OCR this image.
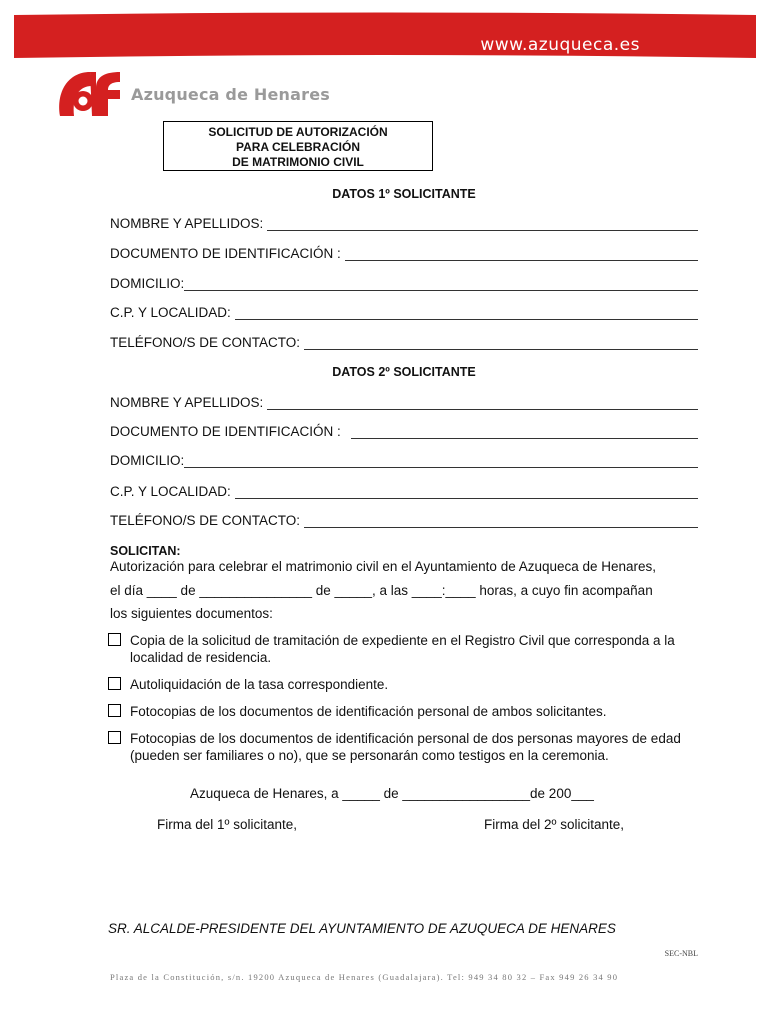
www.azuqueca.es
Azuqueca de Henares
SOLICITUD DE AUTORIZACIÓN
PARA CELEBRACIÓN
DE MATRIMONIO CIVIL
DATOS 1º SOLICITANTE
NOMBRE Y APELLIDOS:
DOCUMENTO DE IDENTIFICACIÓN :
DOMICILIO:
C.P. Y LOCALIDAD:
TELÉFONO/S DE CONTACTO:
DATOS 2º SOLICITANTE
NOMBRE Y APELLIDOS:
DOCUMENTO DE IDENTIFICACIÓN :
DOMICILIO:
C.P. Y LOCALIDAD:
TELÉFONO/S DE CONTACTO:
SOLICITAN:
Autorización para celebrar el matrimonio civil en el Ayuntamiento de Azuqueca de Henares,
el día ____ de _______________ de _____, a las ____:____ horas, a cuyo fin acompañan
los siguientes documentos:
Copia de la solicitud de tramitación de expediente en el Registro Civil que corresponda a la localidad de residencia.
Autoliquidación de la tasa correspondiente.
Fotocopias de los documentos de identificación personal de ambos solicitantes.
Fotocopias de los documentos de identificación personal de dos personas mayores de edad (pueden ser familiares o no), que se personarán como testigos en la ceremonia.
Azuqueca de Henares, a _____ de _________________de 200___
Firma del 1º solicitante,	Firma del 2º solicitante,
SR. ALCALDE-PRESIDENTE DEL AYUNTAMIENTO DE AZUQUECA DE HENARES
SEC-NBL
Plaza de la Constitución, s/n. 19200 Azuqueca de Henares (Guadalajara). Tel: 949 34 80 32 – Fax 949 26 34 90
